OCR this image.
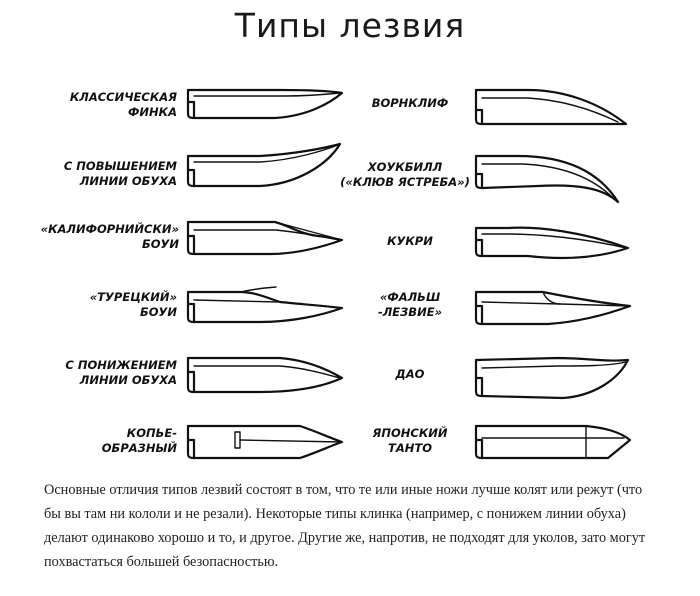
Типы лезвия
КЛАССИЧЕСКАЯ
ФИНКА
С ПОВЫШЕНИЕМ
ЛИНИИ ОБУХА
«КАЛИФОРНИЙСКИ»
БОУИ
«ТУРЕЦКИЙ»
БОУИ
С ПОНИЖЕНИЕМ
ЛИНИИ ОБУХА
КОПЬЕ-
ОБРАЗНЫЙ
ВОРНКЛИФ
ХОУКБИЛЛ
(«КЛЮВ ЯСТРЕБА»)
КУКРИ
«ФАЛЬШ
-ЛЕЗВИЕ»
ДАО
ЯПОНСКИЙ
ТАНТО
Основные отличия типов лезвий состоят в том, что те или иные ножи лучше колят или режут (что бы вы там ни кололи и не резали). Некоторые типы клинка (например, с понижем линии обуха) делают одинаково хорошо и то, и другое. Другие же, напротив, не подходят для уколов, зато могут похвастаться большей безопасностью.
